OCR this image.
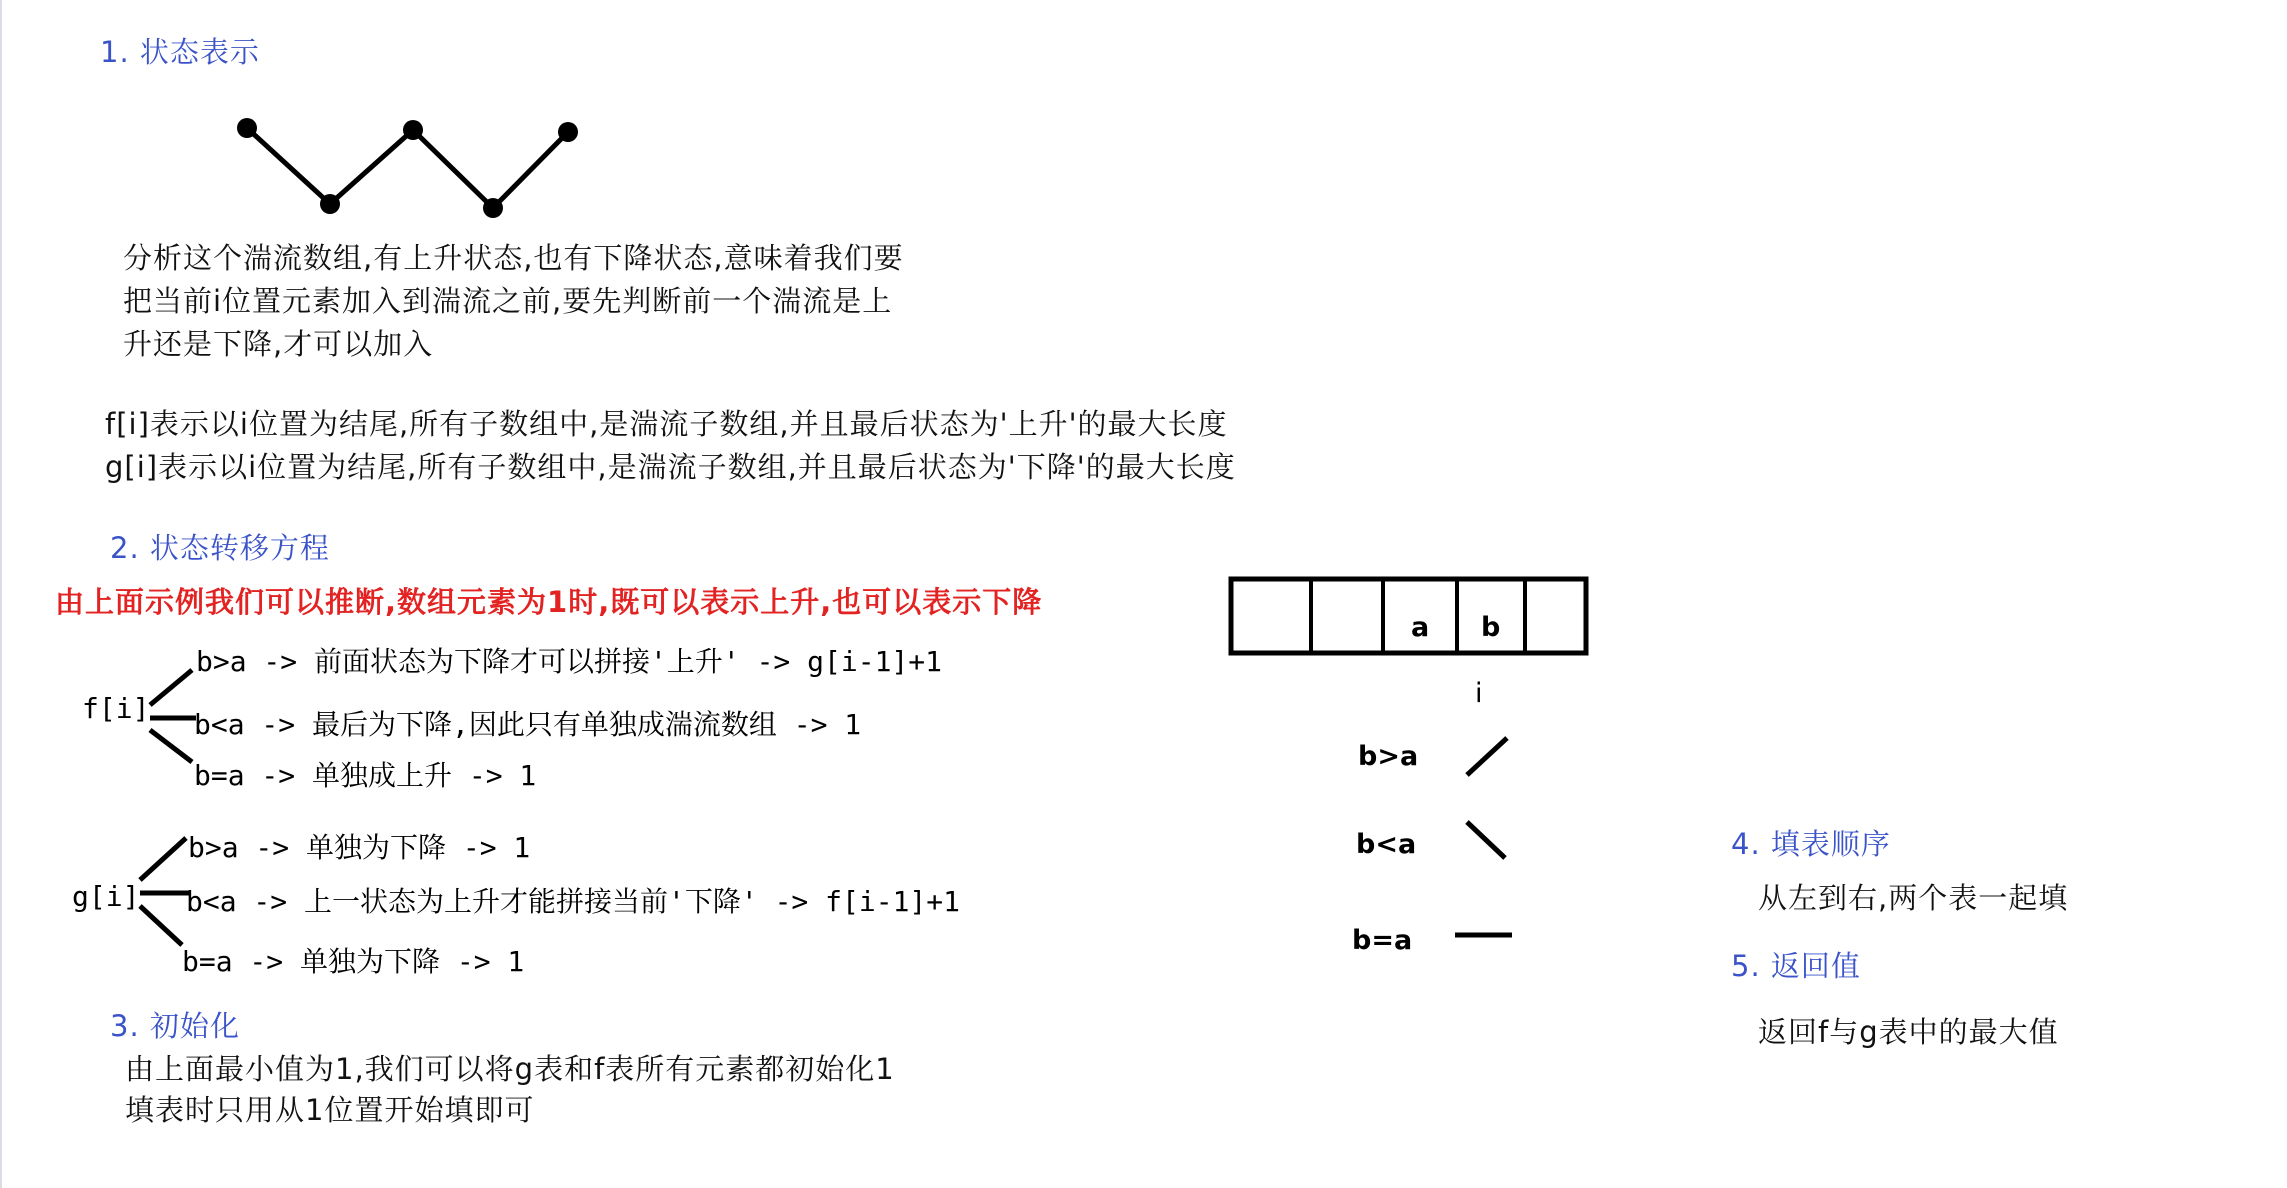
1. 状态表示
分析这个湍流数组,有上升状态,也有下降状态,意味着我们要
把当前i位置元素加入到湍流之前,要先判断前一个湍流是上
升还是下降,才可以加入
f[i]表示以i位置为结尾,所有子数组中,是湍流子数组,并且最后状态为'上升'的最大长度
g[i]表示以i位置为结尾,所有子数组中,是湍流子数组,并且最后状态为'下降'的最大长度
2. 状态转移方程
由上面示例我们可以推断,数组元素为1时,既可以表示上升,也可以表示下降
f[i]
b>a -> 前面状态为下降才可以拼接'上升' -> g[i-1]+1
b<a -> 最后为下降,因此只有单独成湍流数组 -> 1
b=a -> 单独成上升 -> 1
g[i]
b>a -> 单独为下降 -> 1
b<a -> 上一状态为上升才能拼接当前'下降' -> f[i-1]+1
b=a -> 单独为下降 -> 1
3. 初始化
由上面最小值为1,我们可以将g表和f表所有元素都初始化1
填表时只用从1位置开始填即可
a b
i
b>a
b<a
b=a
4. 填表顺序
从左到右,两个表一起填
5. 返回值
返回f与g表中的最大值
